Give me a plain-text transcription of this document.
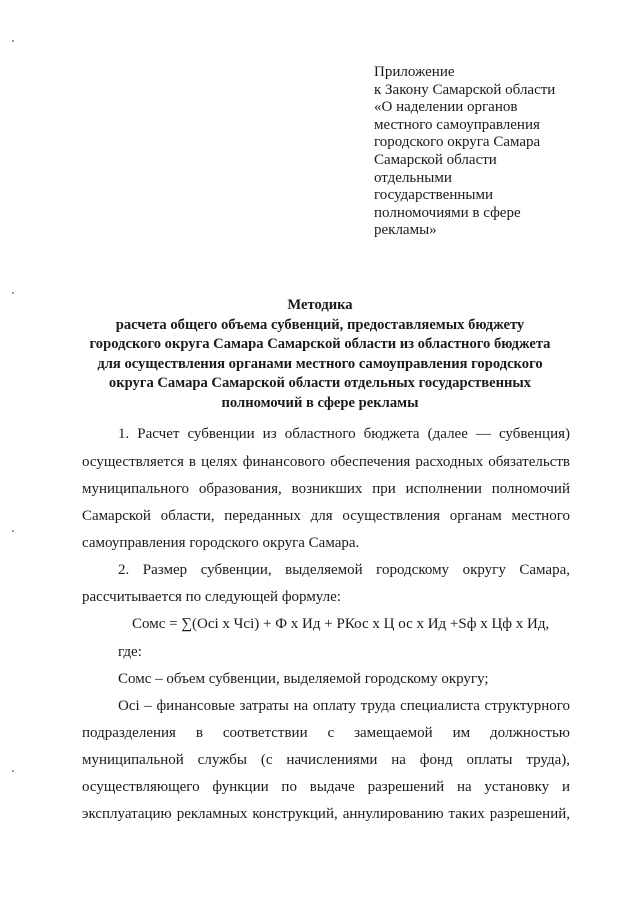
Приложение
к Закону Самарской области
«О наделении органов
местного самоуправления
городского округа Самара
Самарской области
отдельными
государственными
полномочиями в сфере
рекламы»
Методика
расчета общего объема субвенций, предоставляемых бюджету
городского округа Самара Самарской области из областного бюджета
для осуществления органами местного самоуправления городского
округа Самара Самарской области отдельных государственных
полномочий в сфере рекламы
1. Расчет субвенции из областного бюджета (далее — субвенция)
осуществляется в целях финансового обеспечения расходных обязательств
муниципального образования, возникших при исполнении полномочий
Самарской области, переданных для осуществления органам местного
самоуправления городского округа Самара.
2. Размер субвенции, выделяемой городскому округу Самара,
рассчитывается по следующей формуле:
Сомс = ∑(Осі х Чсі) + Ф х Ид + РКос х Ц ос х Ид +Sф х Цф х Ид,
где:
Сомс – объем субвенции, выделяемой городскому округу;
Осі – финансовые затраты на оплату труда специалиста структурного
подразделения в соответствии с замещаемой им должностью
муниципальной службы (с начислениями на фонд оплаты труда),
осуществляющего функции по выдаче разрешений на установку и
эксплуатацию рекламных конструкций, аннулированию таких разрешений,
